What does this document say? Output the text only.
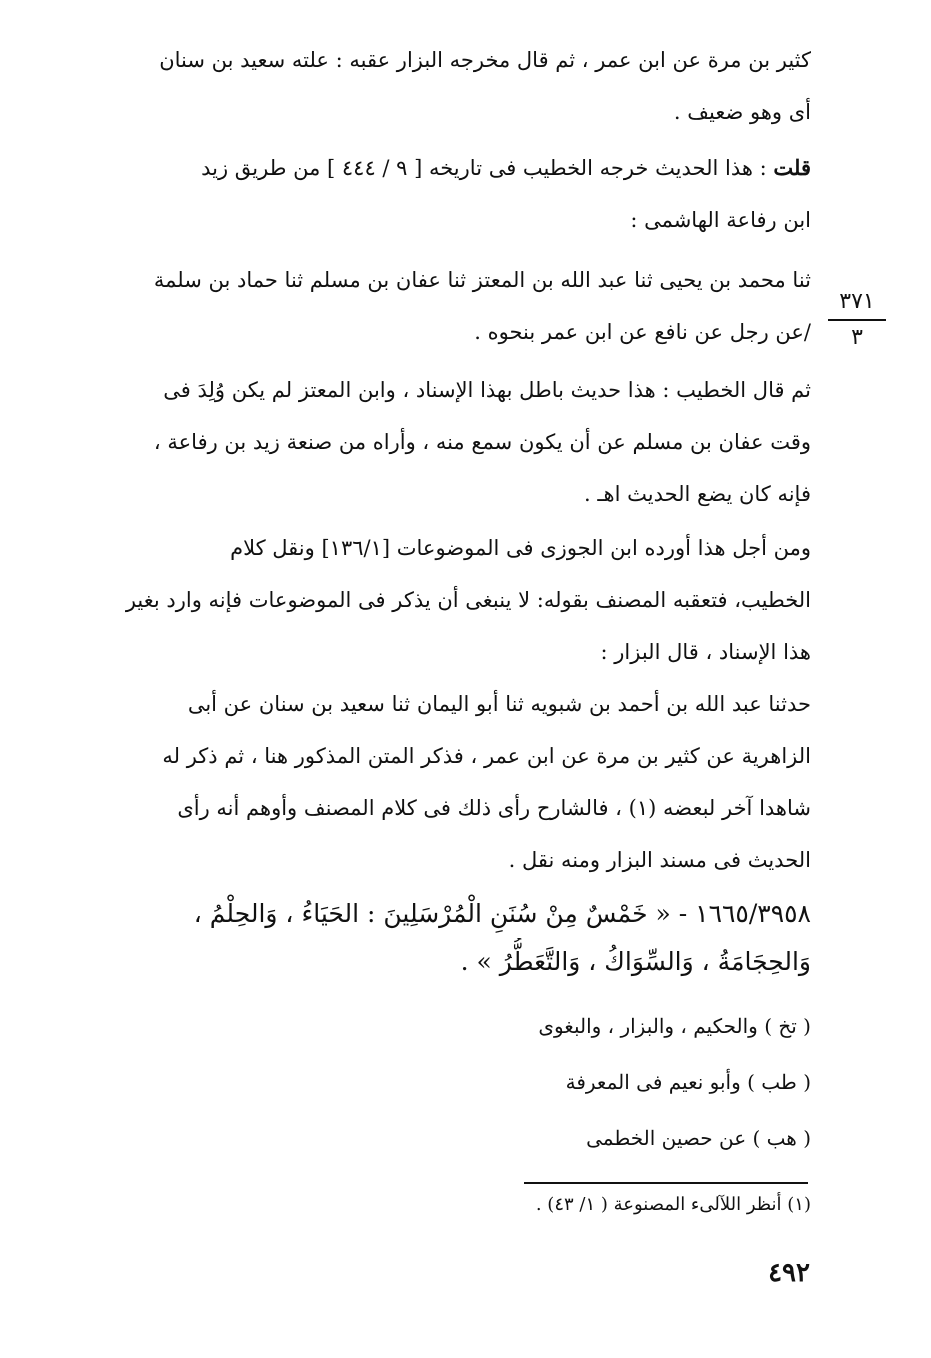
كثير بن مرة عن ابن عمر ، ثم قال مخرجه البزار عقبه : علته سعيد بن سنان
أى وهو ضعيف .
قلت : هذا الحديث خرجه الخطيب فى تاريخه [ ٩ / ٤٤٤ ] من طريق زيد
ابن رفاعة الهاشمى :
ثنا محمد بن يحيى ثنا عبد الله بن المعتز ثنا عفان بن مسلم ثنا حماد بن سلمة
/عن رجل عن نافع عن ابن عمر بنحوه .
ثم قال الخطيب : هذا حديث باطل بهذا الإسناد ، وابن المعتز لم يكن وُلِدَ فى
وقت عفان بن مسلم عن أن يكون سمع منه ، وأراه من صنعة زيد بن رفاعة ،
فإنه كان يضع الحديث اهـ .
ومن أجل هذا أورده ابن الجوزى فى الموضوعات [١٣٦/١] ونقل كلام
الخطيب، فتعقبه المصنف بقوله: لا ينبغى أن يذكر فى الموضوعات فإنه وارد بغير
هذا الإسناد ، قال البزار :
حدثنا عبد الله بن أحمد بن شبويه ثنا أبو اليمان ثنا سعيد بن سنان عن أبى
الزاهرية عن كثير بن مرة عن ابن عمر ، فذكر المتن المذكور هنا ، ثم ذكر له
شاهدا آخر لبعضه (١) ، فالشارح رأى ذلك فى كلام المصنف وأوهم أنه رأى
الحديث فى مسند البزار ومنه نقل .
١٦٦٥/٣٩٥٨ - « خَمْسٌ مِنْ سُنَنِ الْمُرْسَلِينَ : الحَيَاءُ ، وَالحِلْمُ ،
وَالحِجَامَةُ ، وَالسِّوَاكُ ، وَالتَّعَطُّرُ » .
( تخ ) والحكيم ، والبزار ، والبغوى
( طب ) وأبو نعيم فى المعرفة
( هب ) عن حصين الخطمى
٣٧١
٣
(١) أنظر اللآلىء المصنوعة ( ١/ ٤٣) .
٤٩٢
